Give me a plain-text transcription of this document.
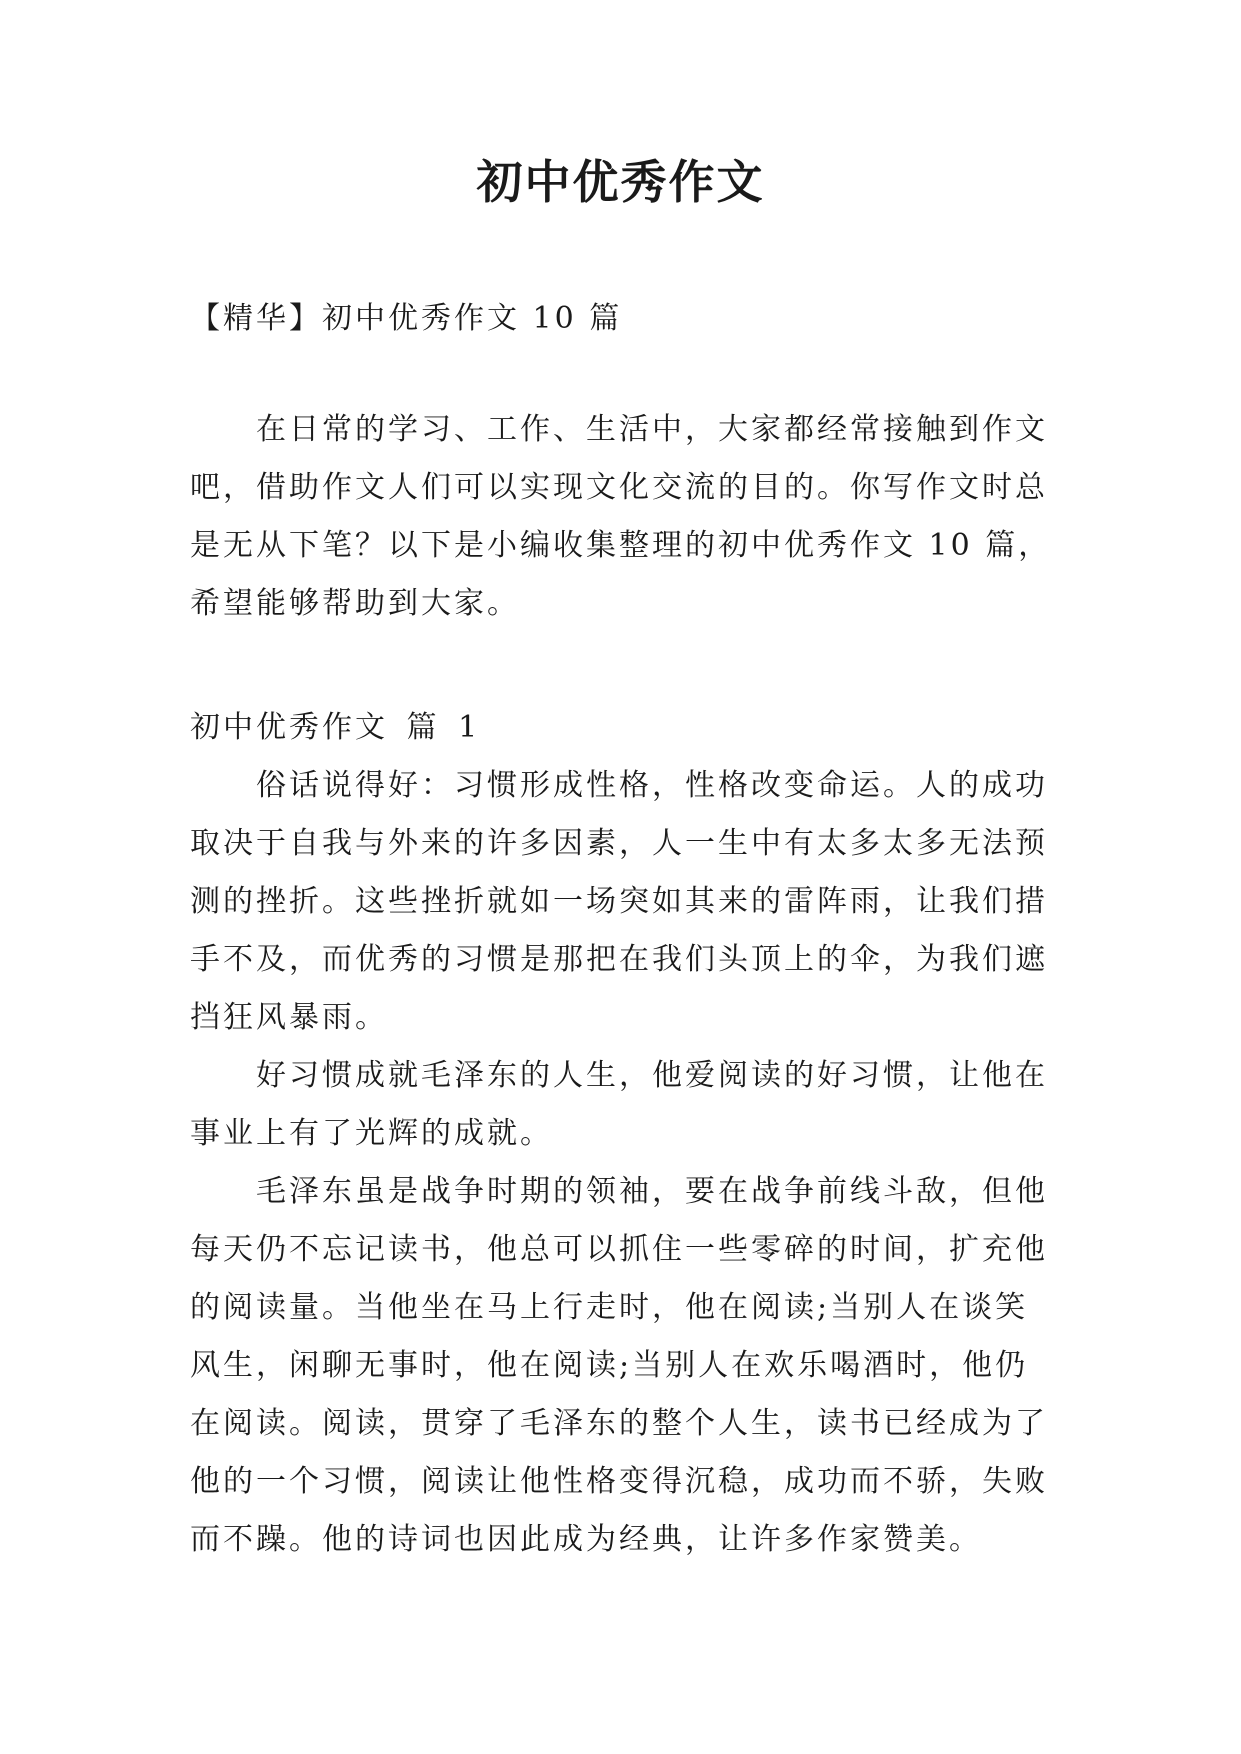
初中优秀作文
【精华】初中优秀作文 10 篇

在日常的学习、工作、生活中，大家都经常接触到作文吧，借助作文人们可以实现文化交流的目的。你写作文时总是无从下笔？以下是小编收集整理的初中优秀作文 10 篇，希望能够帮助到大家。

初中优秀作文 篇 1

俗话说得好：习惯形成性格，性格改变命运。人的成功取决于自我与外来的许多因素，人一生中有太多太多无法预测的挫折。这些挫折就如一场突如其来的雷阵雨，让我们措手不及，而优秀的习惯是那把在我们头顶上的伞，为我们遮挡狂风暴雨。

好习惯成就毛泽东的人生，他爱阅读的好习惯，让他在事业上有了光辉的成就。

毛泽东虽是战争时期的领袖，要在战争前线斗敌，但他每天仍不忘记读书，他总可以抓住一些零碎的时间，扩充他的阅读量。当他坐在马上行走时，他在阅读;当别人在谈笑风生，闲聊无事时，他在阅读;当别人在欢乐喝酒时，他仍在阅读。阅读，贯穿了毛泽东的整个人生，读书已经成为了他的一个习惯，阅读让他性格变得沉稳，成功而不骄，失败而不躁。他的诗词也因此成为经典，让许多作家赞美。
